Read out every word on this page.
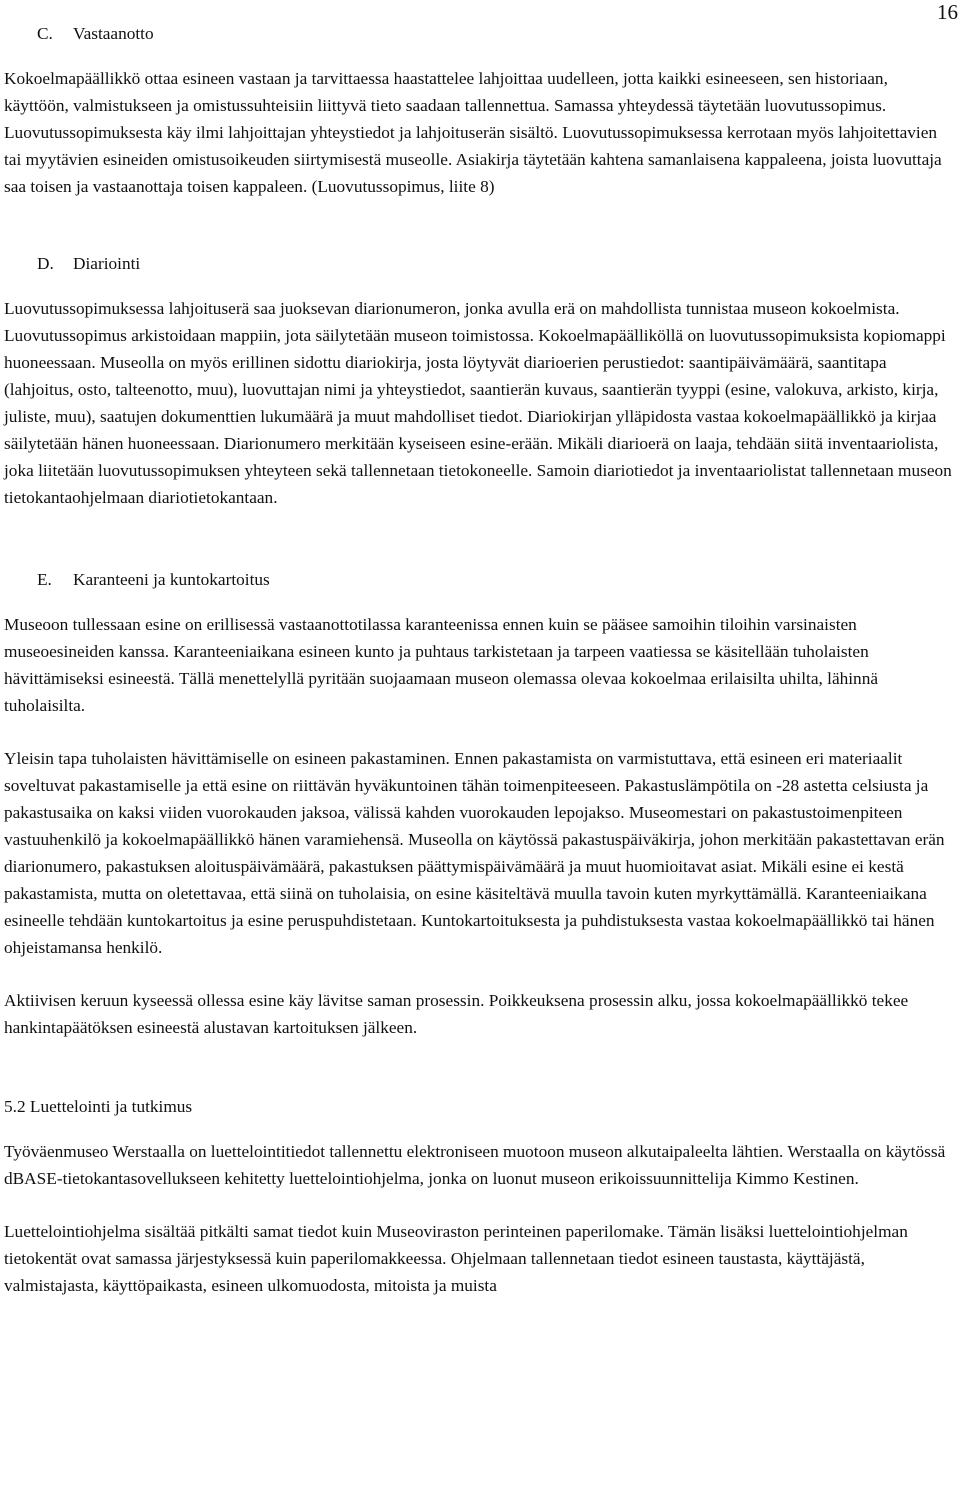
16
C. Vastaanotto

Kokoelmapäällikkö ottaa esineen vastaan ja tarvittaessa haastattelee lahjoittaa uudelleen, jotta kaikki esineeseen, sen historiaan, käyttöön, valmistukseen ja omistussuhteisiin liittyvä tieto saadaan tallennettua. Samassa yhteydessä täytetään luovutussopimus. Luovutussopimuksesta käy ilmi lahjoittajan yhteystiedot ja lahjoituserän sisältö. Luovutussopimuksessa kerrotaan myös lahjoitettavien tai myytävien esineiden omistusoikeuden siirtymisestä museolle. Asiakirja täytetään kahtena samanlaisena kappaleena, joista luovuttaja saa toisen ja vastaanottaja toisen kappaleen. (Luovutussopimus, liite 8)

D. Diariointi

Luovutussopimuksessa lahjoituserä saa juoksevan diarionumeron, jonka avulla erä on mahdollista tunnistaa museon kokoelmista. Luovutussopimus arkistoidaan mappiin, jota säilytetään museon toimistossa. Kokoelmapäälliköllä on luovutussopimuksista kopiomappi huoneessaan. Museolla on myös erillinen sidottu diariokirja, josta löytyvät diarioerien perustiedot: saantipäivämäärä, saantitapa (lahjoitus, osto, talteenotto, muu), luovuttajan nimi ja yhteystiedot, saantierän kuvaus, saantierän tyyppi (esine, valokuva, arkisto, kirja, juliste, muu), saatujen dokumenttien lukumäärä ja muut mahdolliset tiedot. Diariokirjan ylläpidosta vastaa kokoelmapäällikkö ja kirjaa säilytetään hänen huoneessaan. Diarionumero merkitään kyseiseen esine-erään. Mikäli diarioerä on laaja, tehdään siitä inventaariolista, joka liitetään luovutussopimuksen yhteyteen sekä tallennetaan tietokoneelle. Samoin diariotiedot ja inventaariolistat tallennetaan museon tietokantaohjelmaan diariotietokantaan.

E. Karanteeni ja kuntokartoitus

Museoon tullessaan esine on erillisessä vastaanottotilassa karanteenissa ennen kuin se pääsee samoihin tiloihin varsinaisten museoesineiden kanssa. Karanteeniaikana esineen kunto ja puhtaus tarkistetaan ja tarpeen vaatiessa se käsitellään tuholaisten hävittämiseksi esineestä. Tällä menettelyllä pyritään suojaamaan museon olemassa olevaa kokoelmaa erilaisilta uhilta, lähinnä tuholaisilta.

Yleisin tapa tuholaisten hävittämiselle on esineen pakastaminen. Ennen pakastamista on varmistuttava, että esineen eri materiaalit soveltuvat pakastamiselle ja että esine on riittävän hyväkuntoinen tähän toimenpiteeseen. Pakastuslämpötila on -28 astetta celsiusta ja pakastusaika on kaksi viiden vuorokauden jaksoa, välissä kahden vuorokauden lepojakso. Museomestari on pakastustoimenpiteen vastuuhenkilö ja kokoelmapäällikkö hänen varamiehensä. Museolla on käytössä pakastuspäiväkirja, johon merkitään pakastettavan erän diarionumero, pakastuksen aloituspäivämäärä, pakastuksen päättymispäivämäärä ja muut huomioitavat asiat. Mikäli esine ei kestä pakastamista, mutta on oletettavaa, että siinä on tuholaisia, on esine käsiteltävä muulla tavoin kuten myrkyttämällä. Karanteeniaikana esineelle tehdään kuntokartoitus ja esine peruspuhdistetaan. Kuntokartoituksesta ja puhdistuksesta vastaa kokoelmapäällikkö tai hänen ohjeistamansa henkilö.

Aktiivisen keruun kyseessä ollessa esine käy lävitse saman prosessin. Poikkeuksena prosessin alku, jossa kokoelmapäällikkö tekee hankintapäätöksen esineestä alustavan kartoituksen jälkeen.

5.2 Luettelointi ja tutkimus

Työväenmuseo Werstaalla on luettelointitiedot tallennettu elektroniseen muotoon museon alkutaipaleelta lähtien. Werstaalla on käytössä dBASE-tietokantasovellukseen kehitetty luettelointiohjelma, jonka on luonut museon erikoissuunnittelija Kimmo Kestinen.

Luettelointiohjelma sisältää pitkälti samat tiedot kuin Museoviraston perinteinen paperilomake. Tämän lisäksi luettelointiohjelman tietokentät ovat samassa järjestyksessä kuin paperilomakkeessa. Ohjelmaan tallennetaan tiedot esineen taustasta, käyttäjästä, valmistajasta, käyttöpaikasta, esineen ulkomuodosta, mitoista ja muista
